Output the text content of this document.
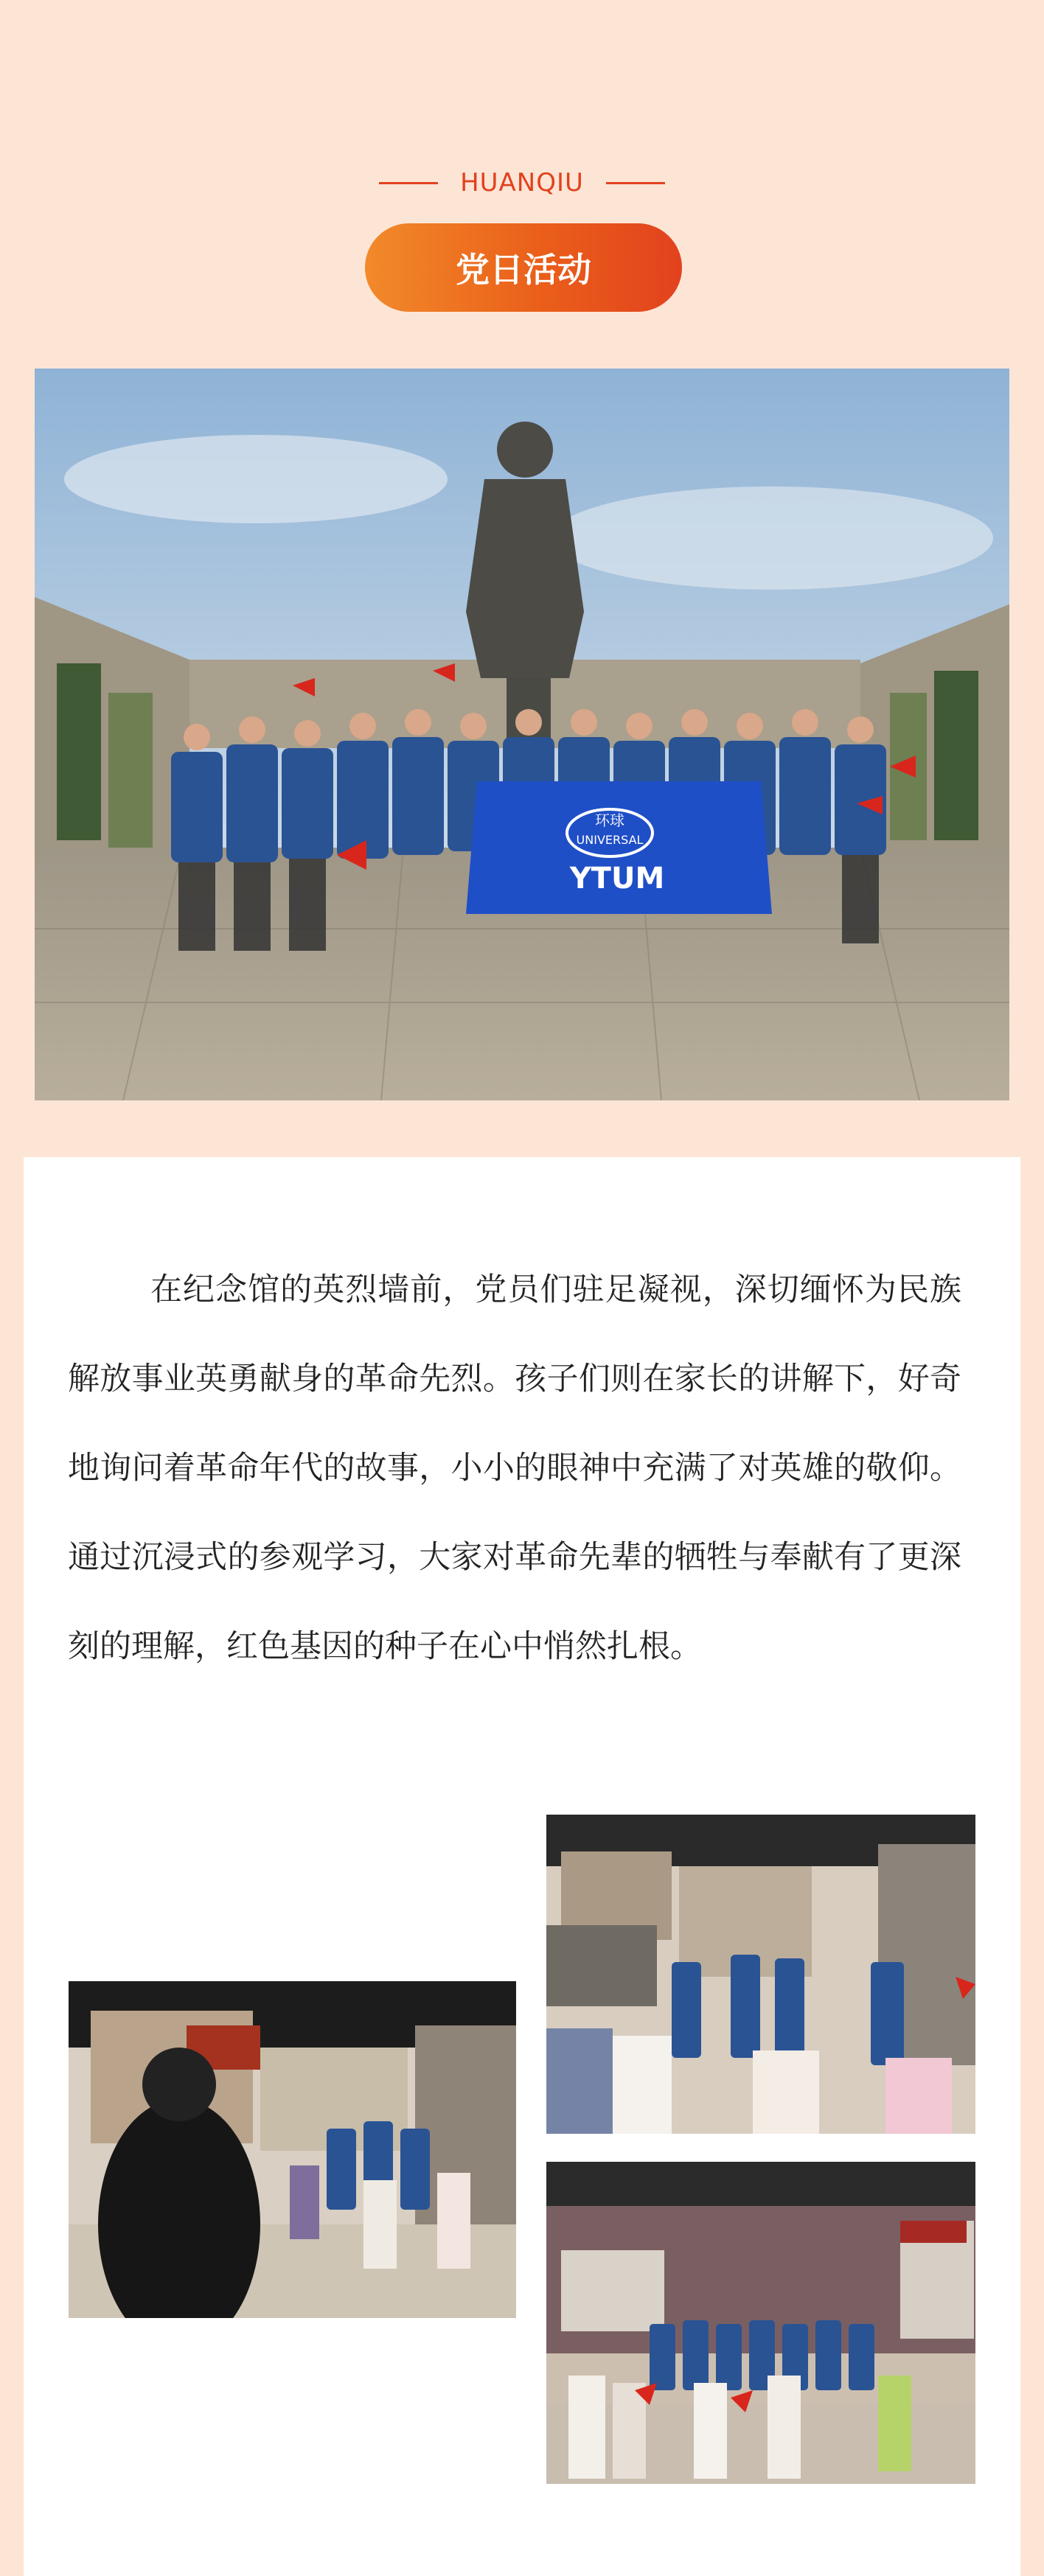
HUANQIU
党日活动
环球
UNIVERSAL
YTUM

在纪念馆的英烈墙前，党员们驻足凝视，深切缅怀为民族解放事业英勇献身的革命先烈。孩子们则在家长的讲解下，好奇地询问着革命年代的故事，小小的眼神中充满了对英雄的敬仰。通过沉浸式的参观学习，大家对革命先辈的牺牲与奉献有了更深刻的理解，红色基因的种子在心中悄然扎根。
